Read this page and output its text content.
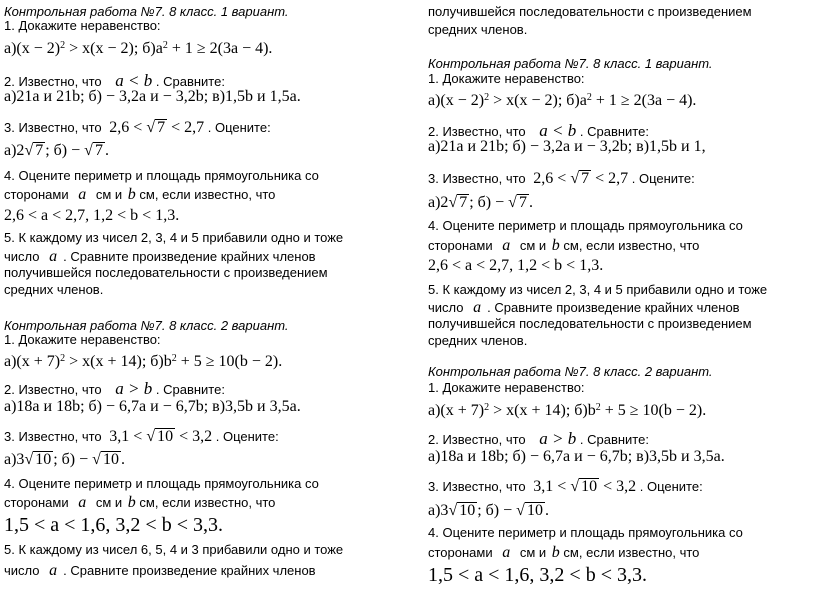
Контрольная работа №7. 8 класс. 1 вариант.
1. Докажите неравенство:
$a)(x - 2)^2 > x(x - 2)$; $б)a^2 + 1 \ge 2(3a - 4)$.
2. Известно, что a < b . Сравните:
a)21a и 21b; б) − 3,2a и − 3,2b; в)1,5b и 1,5a.
3. Известно, что 2,6 < √ 7 < 2,7 . Оцените:
a)2√ 7 ; б) − √ 7 .
4. Оцените периметр и площадь прямоугольника со
сторонами a см и b см, если известно, что
2,6 < a < 2,7, 1,2 < b < 1,3.
5. К каждому из чисел 2, 3, 4 и 5 прибавили одно и тоже
число a . Сравните произведение крайних членов
получившейся последовательности с произведением
средних членов.
Контрольная работа №7. 8 класс. 2 вариант.
1. Докажите неравенство:
$a)(x + 7)^2 > x(x + 14)$; $б)b^2 + 5 \ge 10(b - 2)$.
2. Известно, что a > b . Сравните:
a)18a и 18b; б) − 6,7a и − 6,7b; в)3,5b и 3,5a.
3. Известно, что 3,1 < √ 10 < 3,2 . Оцените:
a)3√ 10 ; б) − √ 10 .
4. Оцените периметр и площадь прямоугольника со
сторонами a см и b см, если известно, что
1,5 < a < 1,6, 3,2 < b < 3,3.
5. К каждому из чисел 6, 5, 4 и 3 прибавили одно и тоже
число a . Сравните произведение крайних членов
получившейся последовательности с произведением
средних членов.
Контрольная работа №7. 8 класс. 1 вариант.
1. Докажите неравенство:
$a)(x - 2)^2 > x(x - 2)$; $б)a^2 + 1 \ge 2(3a - 4)$.
2. Известно, что a < b . Сравните:
a)21a и 21b; б) − 3,2a и − 3,2b; в)1,5b и 1,
3. Известно, что 2,6 < √ 7 < 2,7 . Оцените:
a)2√ 7 ; б) − √ 7 .
4. Оцените периметр и площадь прямоугольника со
сторонами a см и b см, если известно, что
2,6 < a < 2,7, 1,2 < b < 1,3.
5. К каждому из чисел 2, 3, 4 и 5 прибавили одно и тоже
число a . Сравните произведение крайних членов
получившейся последовательности с произведением
средних членов.
Контрольная работа №7. 8 класс. 2 вариант.
1. Докажите неравенство:
$a)(x + 7)^2 > x(x + 14)$; $б)b^2 + 5 \ge 10(b - 2)$.
2. Известно, что a > b . Сравните:
a)18a и 18b; б) − 6,7a и − 6,7b; в)3,5b и 3,5a.
3. Известно, что 3,1 < √ 10 < 3,2 . Оцените:
a)3√ 10 ; б) − √ 10 .
4. Оцените периметр и площадь прямоугольника со
сторонами a см и b см, если известно, что
1,5 < a < 1,6, 3,2 < b < 3,3.
